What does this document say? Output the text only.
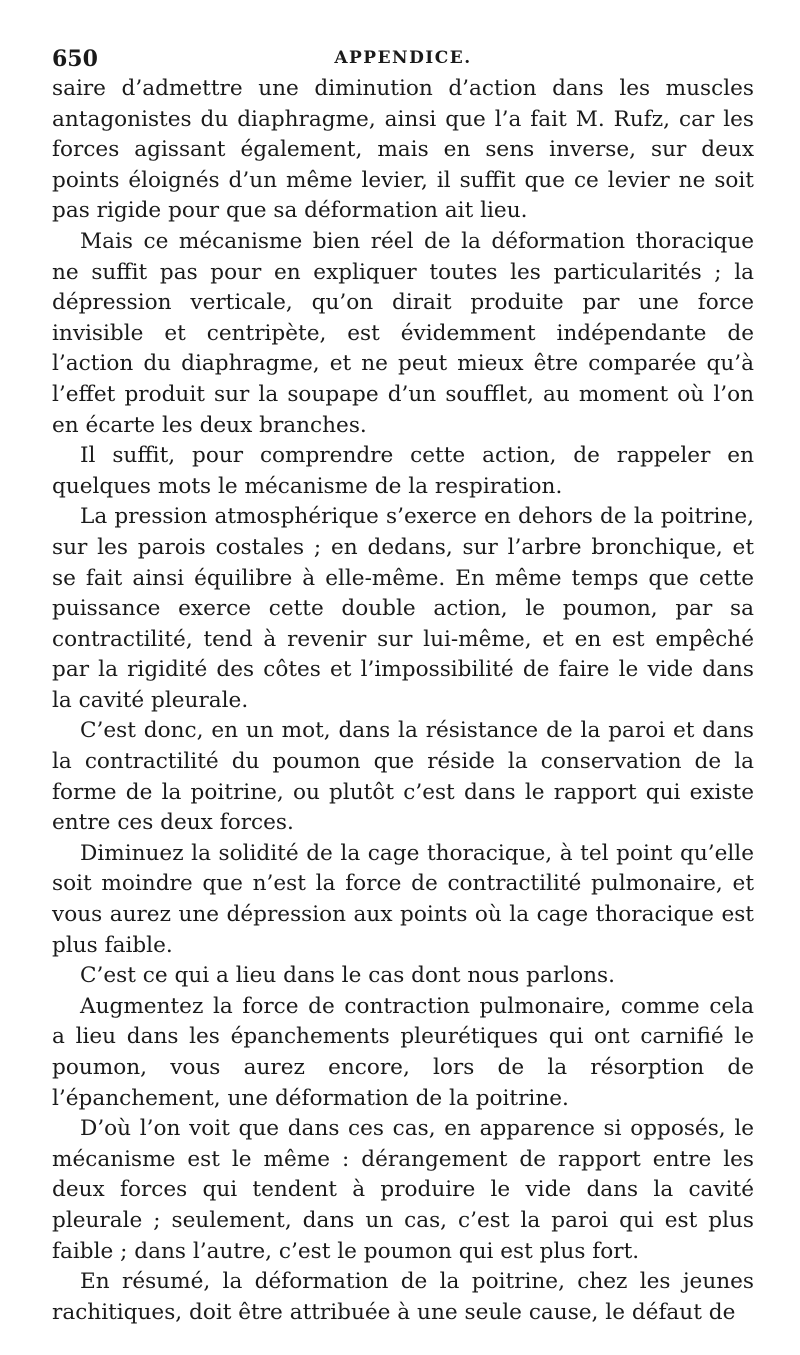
650	APPENDICE.

saire d’admettre une diminution d’action dans les muscles antagonistes du diaphragme, ainsi que l’a fait M. Rufz, car les forces agissant également, mais en sens inverse, sur deux points éloignés d’un même levier, il suffit que ce levier ne soit pas rigide pour que sa déformation ait lieu.

Mais ce mécanisme bien réel de la déformation thoracique ne suffit pas pour en expliquer toutes les particularités ; la dépression verticale, qu’on dirait produite par une force invisible et centripète, est évidemment indépendante de l’action du diaphragme, et ne peut mieux être comparée qu’à l’effet produit sur la soupape d’un soufflet, au moment où l’on en écarte les deux branches.

Il suffit, pour comprendre cette action, de rappeler en quelques mots le mécanisme de la respiration.

La pression atmosphérique s’exerce en dehors de la poitrine, sur les parois costales ; en dedans, sur l’arbre bronchique, et se fait ainsi équilibre à elle-même. En même temps que cette puissance exerce cette double action, le poumon, par sa contractilité, tend à revenir sur lui-même, et en est empêché par la rigidité des côtes et l’impossibilité de faire le vide dans la cavité pleurale.

C’est donc, en un mot, dans la résistance de la paroi et dans la contractilité du poumon que réside la conservation de la forme de la poitrine, ou plutôt c’est dans le rapport qui existe entre ces deux forces.

Diminuez la solidité de la cage thoracique, à tel point qu’elle soit moindre que n’est la force de contractilité pulmonaire, et vous aurez une dépression aux points où la cage thoracique est plus faible.

C’est ce qui a lieu dans le cas dont nous parlons.

Augmentez la force de contraction pulmonaire, comme cela a lieu dans les épanchements pleurétiques qui ont carnifié le poumon, vous aurez encore, lors de la résorption de l’épanchement, une déformation de la poitrine.

D’où l’on voit que dans ces cas, en apparence si opposés, le mécanisme est le même : dérangement de rapport entre les deux forces qui tendent à produire le vide dans la cavité pleurale ; seulement, dans un cas, c’est la paroi qui est plus faible ; dans l’autre, c’est le poumon qui est plus fort.

En résumé, la déformation de la poitrine, chez les jeunes rachitiques, doit être attribuée à une seule cause, le défaut de
